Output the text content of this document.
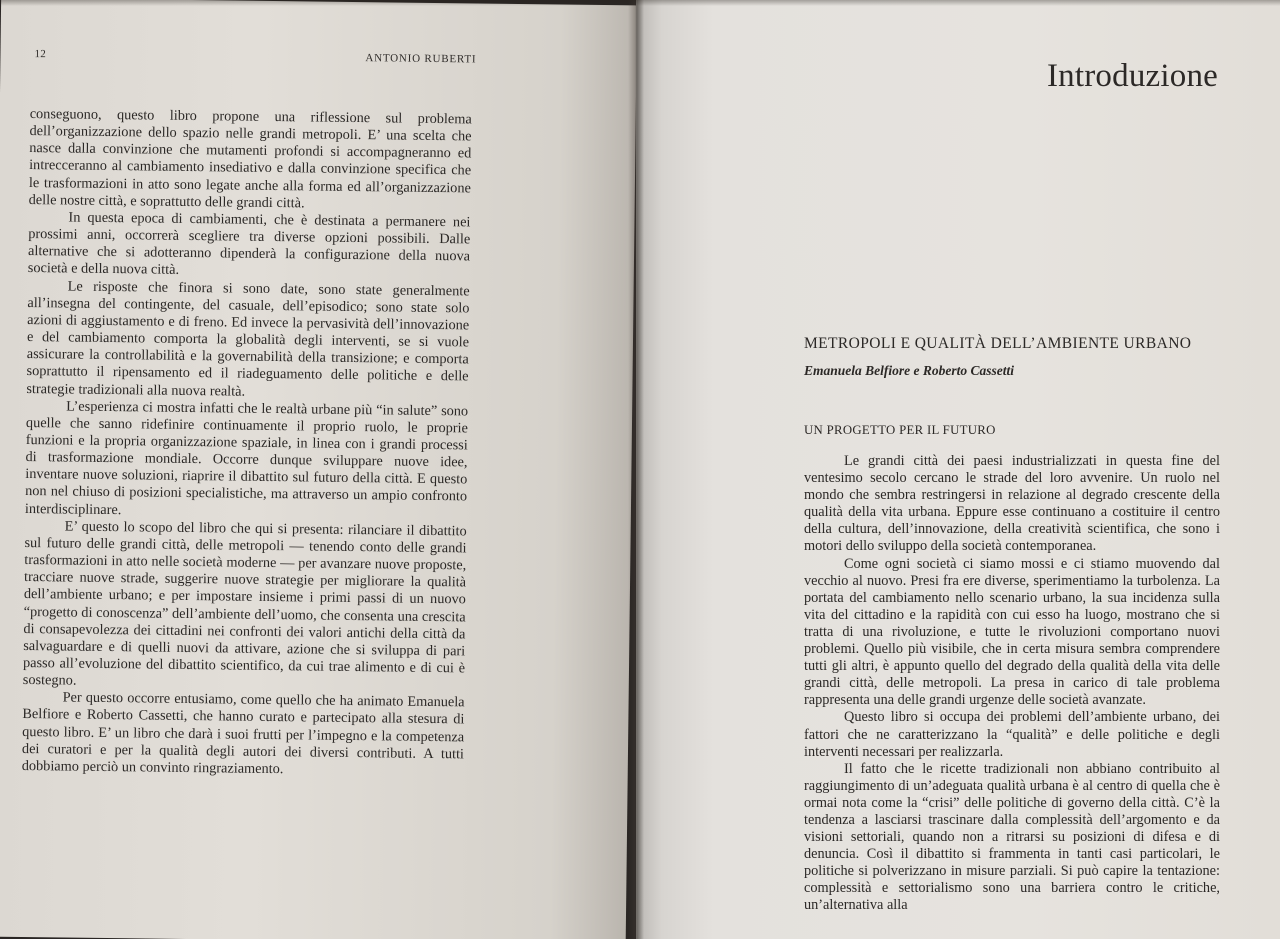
12	ANTONIO RUBERTI

conseguono, questo libro propone una riflessione sul problema dell’organizzazione dello spazio nelle grandi metropoli. E’ una scelta che nasce dalla convinzione che mutamenti profondi si accompagneranno ed intrecceranno al cambiamento insediativo e dalla convinzione specifica che le trasformazioni in atto sono legate anche alla forma ed all’organizzazione delle nostre città, e soprattutto delle grandi città.

In questa epoca di cambiamenti, che è destinata a permanere nei prossimi anni, occorrerà scegliere tra diverse opzioni possibili. Dalle alternative che si adotteranno dipenderà la configurazione della nuova società e della nuova città.

Le risposte che finora si sono date, sono state generalmente all’insegna del contingente, del casuale, dell’episodico; sono state solo azioni di aggiustamento e di freno. Ed invece la pervasività dell’innovazione e del cambiamento comporta la globalità degli interventi, se si vuole assicurare la controllabilità e la governabilità della transizione; e comporta soprattutto il ripensamento ed il riadeguamento delle politiche e delle strategie tradizionali alla nuova realtà.

L’esperienza ci mostra infatti che le realtà urbane più “in salute” sono quelle che sanno ridefinire continuamente il proprio ruolo, le proprie funzioni e la propria organizzazione spaziale, in linea con i grandi processi di trasformazione mondiale. Occorre dunque sviluppare nuove idee, inventare nuove soluzioni, riaprire il dibattito sul futuro della città. E questo non nel chiuso di posizioni specialistiche, ma attraverso un ampio confronto interdisciplinare.

E’ questo lo scopo del libro che qui si presenta: rilanciare il dibattito sul futuro delle grandi città, delle metropoli — tenendo conto delle grandi trasformazioni in atto nelle società moderne — per avanzare nuove proposte, tracciare nuove strade, suggerire nuove strategie per migliorare la qualità dell’ambiente urbano; e per impostare insieme i primi passi di un nuovo “progetto di conoscenza” dell’ambiente dell’uomo, che consenta una crescita di consapevolezza dei cittadini nei confronti dei valori antichi della città da salvaguardare e di quelli nuovi da attivare, azione che si sviluppa di pari passo all’evoluzione del dibattito scientifico, da cui trae alimento e di cui è sostegno.

Per questo occorre entusiamo, come quello che ha animato Emanuela Belfiore e Roberto Cassetti, che hanno curato e partecipato alla stesura di questo libro. E’ un libro che darà i suoi frutti per l’impegno e la competenza dei curatori e per la qualità degli autori dei diversi contributi. A tutti dobbiamo perciò un convinto ringraziamento.

Introduzione
METROPOLI E QUALITÀ DELL’AMBIENTE URBANO
Emanuela Belfiore e Roberto Cassetti
UN PROGETTO PER IL FUTURO

Le grandi città dei paesi industrializzati in questa fine del ventesimo secolo cercano le strade del loro avvenire. Un ruolo nel mondo che sembra restringersi in relazione al degrado crescente della qualità della vita urbana. Eppure esse continuano a costituire il centro della cultura, dell’innovazione, della creatività scientifica, che sono i motori dello sviluppo della società contemporanea.

Come ogni società ci siamo mossi e ci stiamo muovendo dal vecchio al nuovo. Presi fra ere diverse, sperimentiamo la turbolenza. La portata del cambiamento nello scenario urbano, la sua incidenza sulla vita del cittadino e la rapidità con cui esso ha luogo, mostrano che si tratta di una rivoluzione, e tutte le rivoluzioni comportano nuovi problemi. Quello più visibile, che in certa misura sembra comprendere tutti gli altri, è appunto quello del degrado della qualità della vita delle grandi città, delle metropoli. La presa in carico di tale problema rappresenta una delle grandi urgenze delle società avanzate.

Questo libro si occupa dei problemi dell’ambiente urbano, dei fattori che ne caratterizzano la “qualità” e delle politiche e degli interventi necessari per realizzarla.

Il fatto che le ricette tradizionali non abbiano contribuito al raggiungimento di un’adeguata qualità urbana è al centro di quella che è ormai nota come la “crisi” delle politiche di governo della città. C’è la tendenza a lasciarsi trascinare dalla complessità dell’argomento e da visioni settoriali, quando non a ritrarsi su posizioni di difesa e di denuncia. Così il dibattito si frammenta in tanti casi particolari, le politiche si polverizzano in misure parziali. Si può capire la tentazione: complessità e settorialismo sono una barriera contro le critiche, un’alternativa alla
